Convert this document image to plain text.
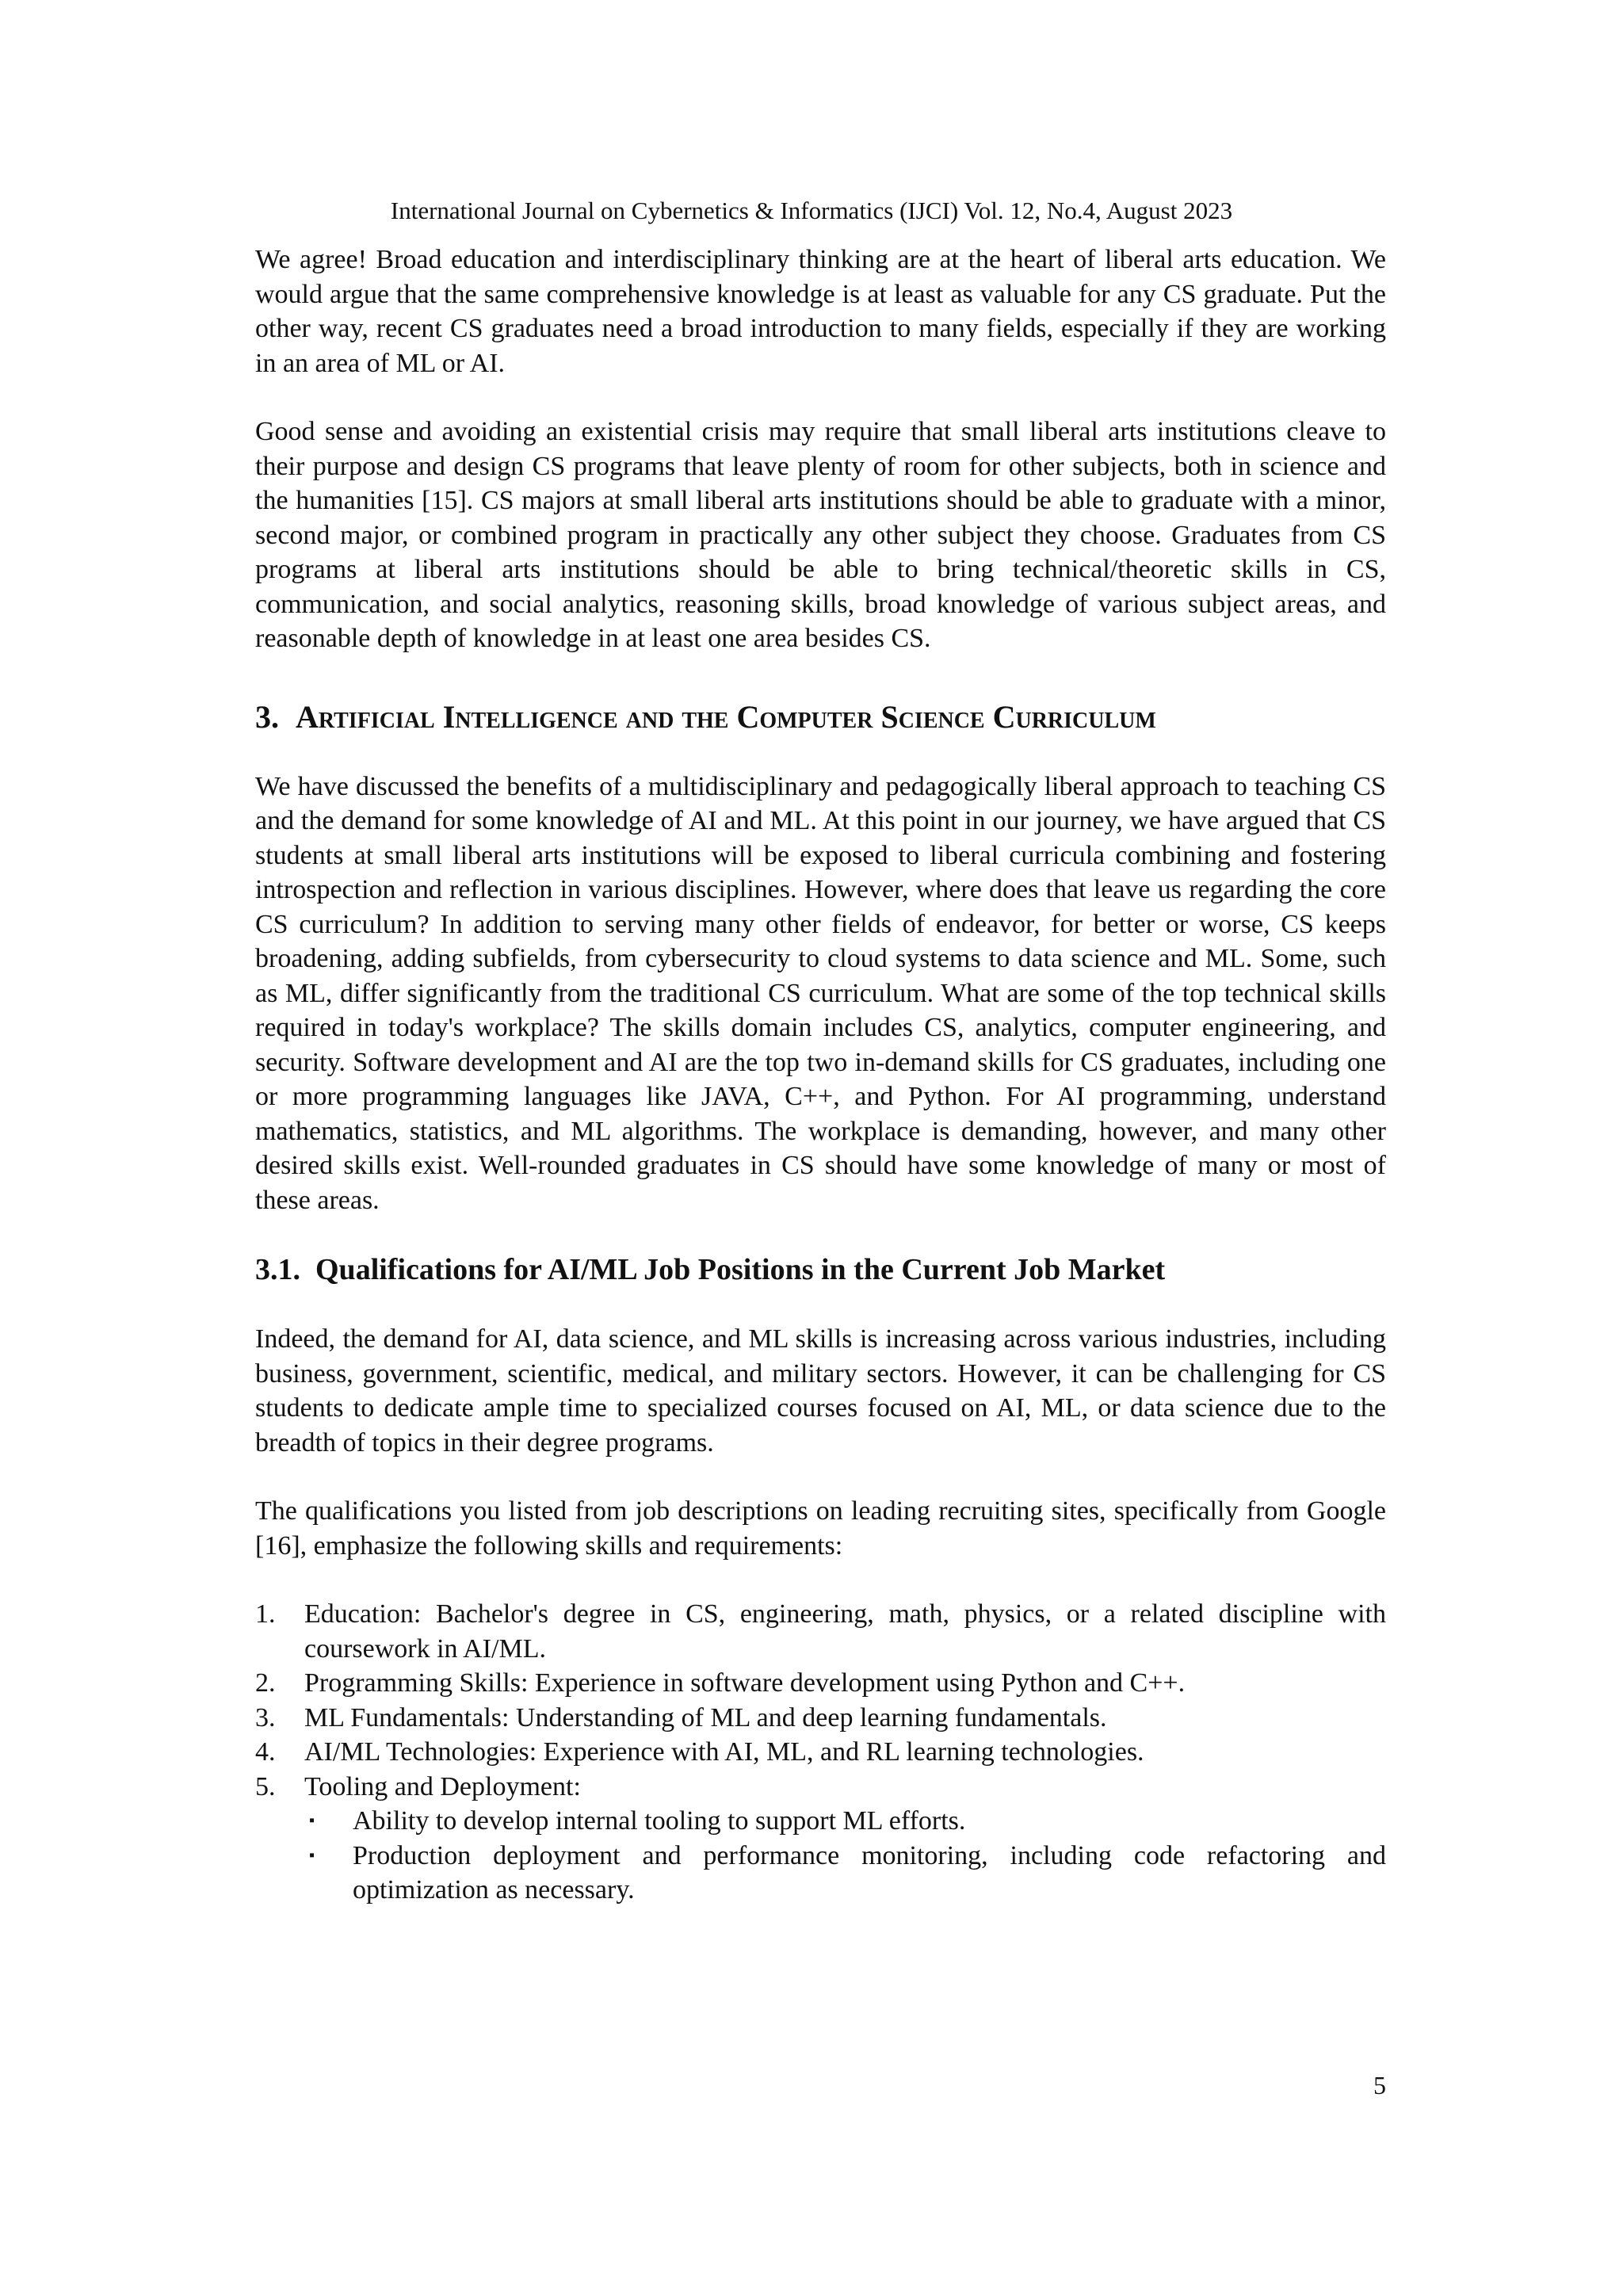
International Journal on Cybernetics & Informatics (IJCI) Vol. 12, No.4, August 2023

We agree! Broad education and interdisciplinary thinking are at the heart of liberal arts education. We would argue that the same comprehensive knowledge is at least as valuable for any CS graduate. Put the other way, recent CS graduates need a broad introduction to many fields, especially if they are working in an area of ML or AI.

Good sense and avoiding an existential crisis may require that small liberal arts institutions cleave to their purpose and design CS programs that leave plenty of room for other subjects, both in science and the humanities [15]. CS majors at small liberal arts institutions should be able to graduate with a minor, second major, or combined program in practically any other subject they choose. Graduates from CS programs at liberal arts institutions should be able to bring technical/theoretic skills in CS, communication, and social analytics, reasoning skills, broad knowledge of various subject areas, and reasonable depth of knowledge in at least one area besides CS.

3. Artificial Intelligence and the Computer Science Curriculum

We have discussed the benefits of a multidisciplinary and pedagogically liberal approach to teaching CS and the demand for some knowledge of AI and ML. At this point in our journey, we have argued that CS students at small liberal arts institutions will be exposed to liberal curricula combining and fostering introspection and reflection in various disciplines. However, where does that leave us regarding the core CS curriculum? In addition to serving many other fields of endeavor, for better or worse, CS keeps broadening, adding subfields, from cybersecurity to cloud systems to data science and ML. Some, such as ML, differ significantly from the traditional CS curriculum. What are some of the top technical skills required in today's workplace? The skills domain includes CS, analytics, computer engineering, and security. Software development and AI are the top two in-demand skills for CS graduates, including one or more programming languages like JAVA, C++, and Python. For AI programming, understand mathematics, statistics, and ML algorithms. The workplace is demanding, however, and many other desired skills exist. Well-rounded graduates in CS should have some knowledge of many or most of these areas.

3.1. Qualifications for AI/ML Job Positions in the Current Job Market

Indeed, the demand for AI, data science, and ML skills is increasing across various industries, including business, government, scientific, medical, and military sectors. However, it can be challenging for CS students to dedicate ample time to specialized courses focused on AI, ML, or data science due to the breadth of topics in their degree programs.

The qualifications you listed from job descriptions on leading recruiting sites, specifically from Google [16], emphasize the following skills and requirements:

1.	Education: Bachelor's degree in CS, engineering, math, physics, or a related discipline with coursework in AI/ML.
2.	Programming Skills: Experience in software development using Python and C++.
3.	ML Fundamentals: Understanding of ML and deep learning fundamentals.
4.	AI/ML Technologies: Experience with AI, ML, and RL learning technologies.
5.	Tooling and Deployment:
▪	Ability to develop internal tooling to support ML efforts.
▪	Production deployment and performance monitoring, including code refactoring and optimization as necessary.
5
